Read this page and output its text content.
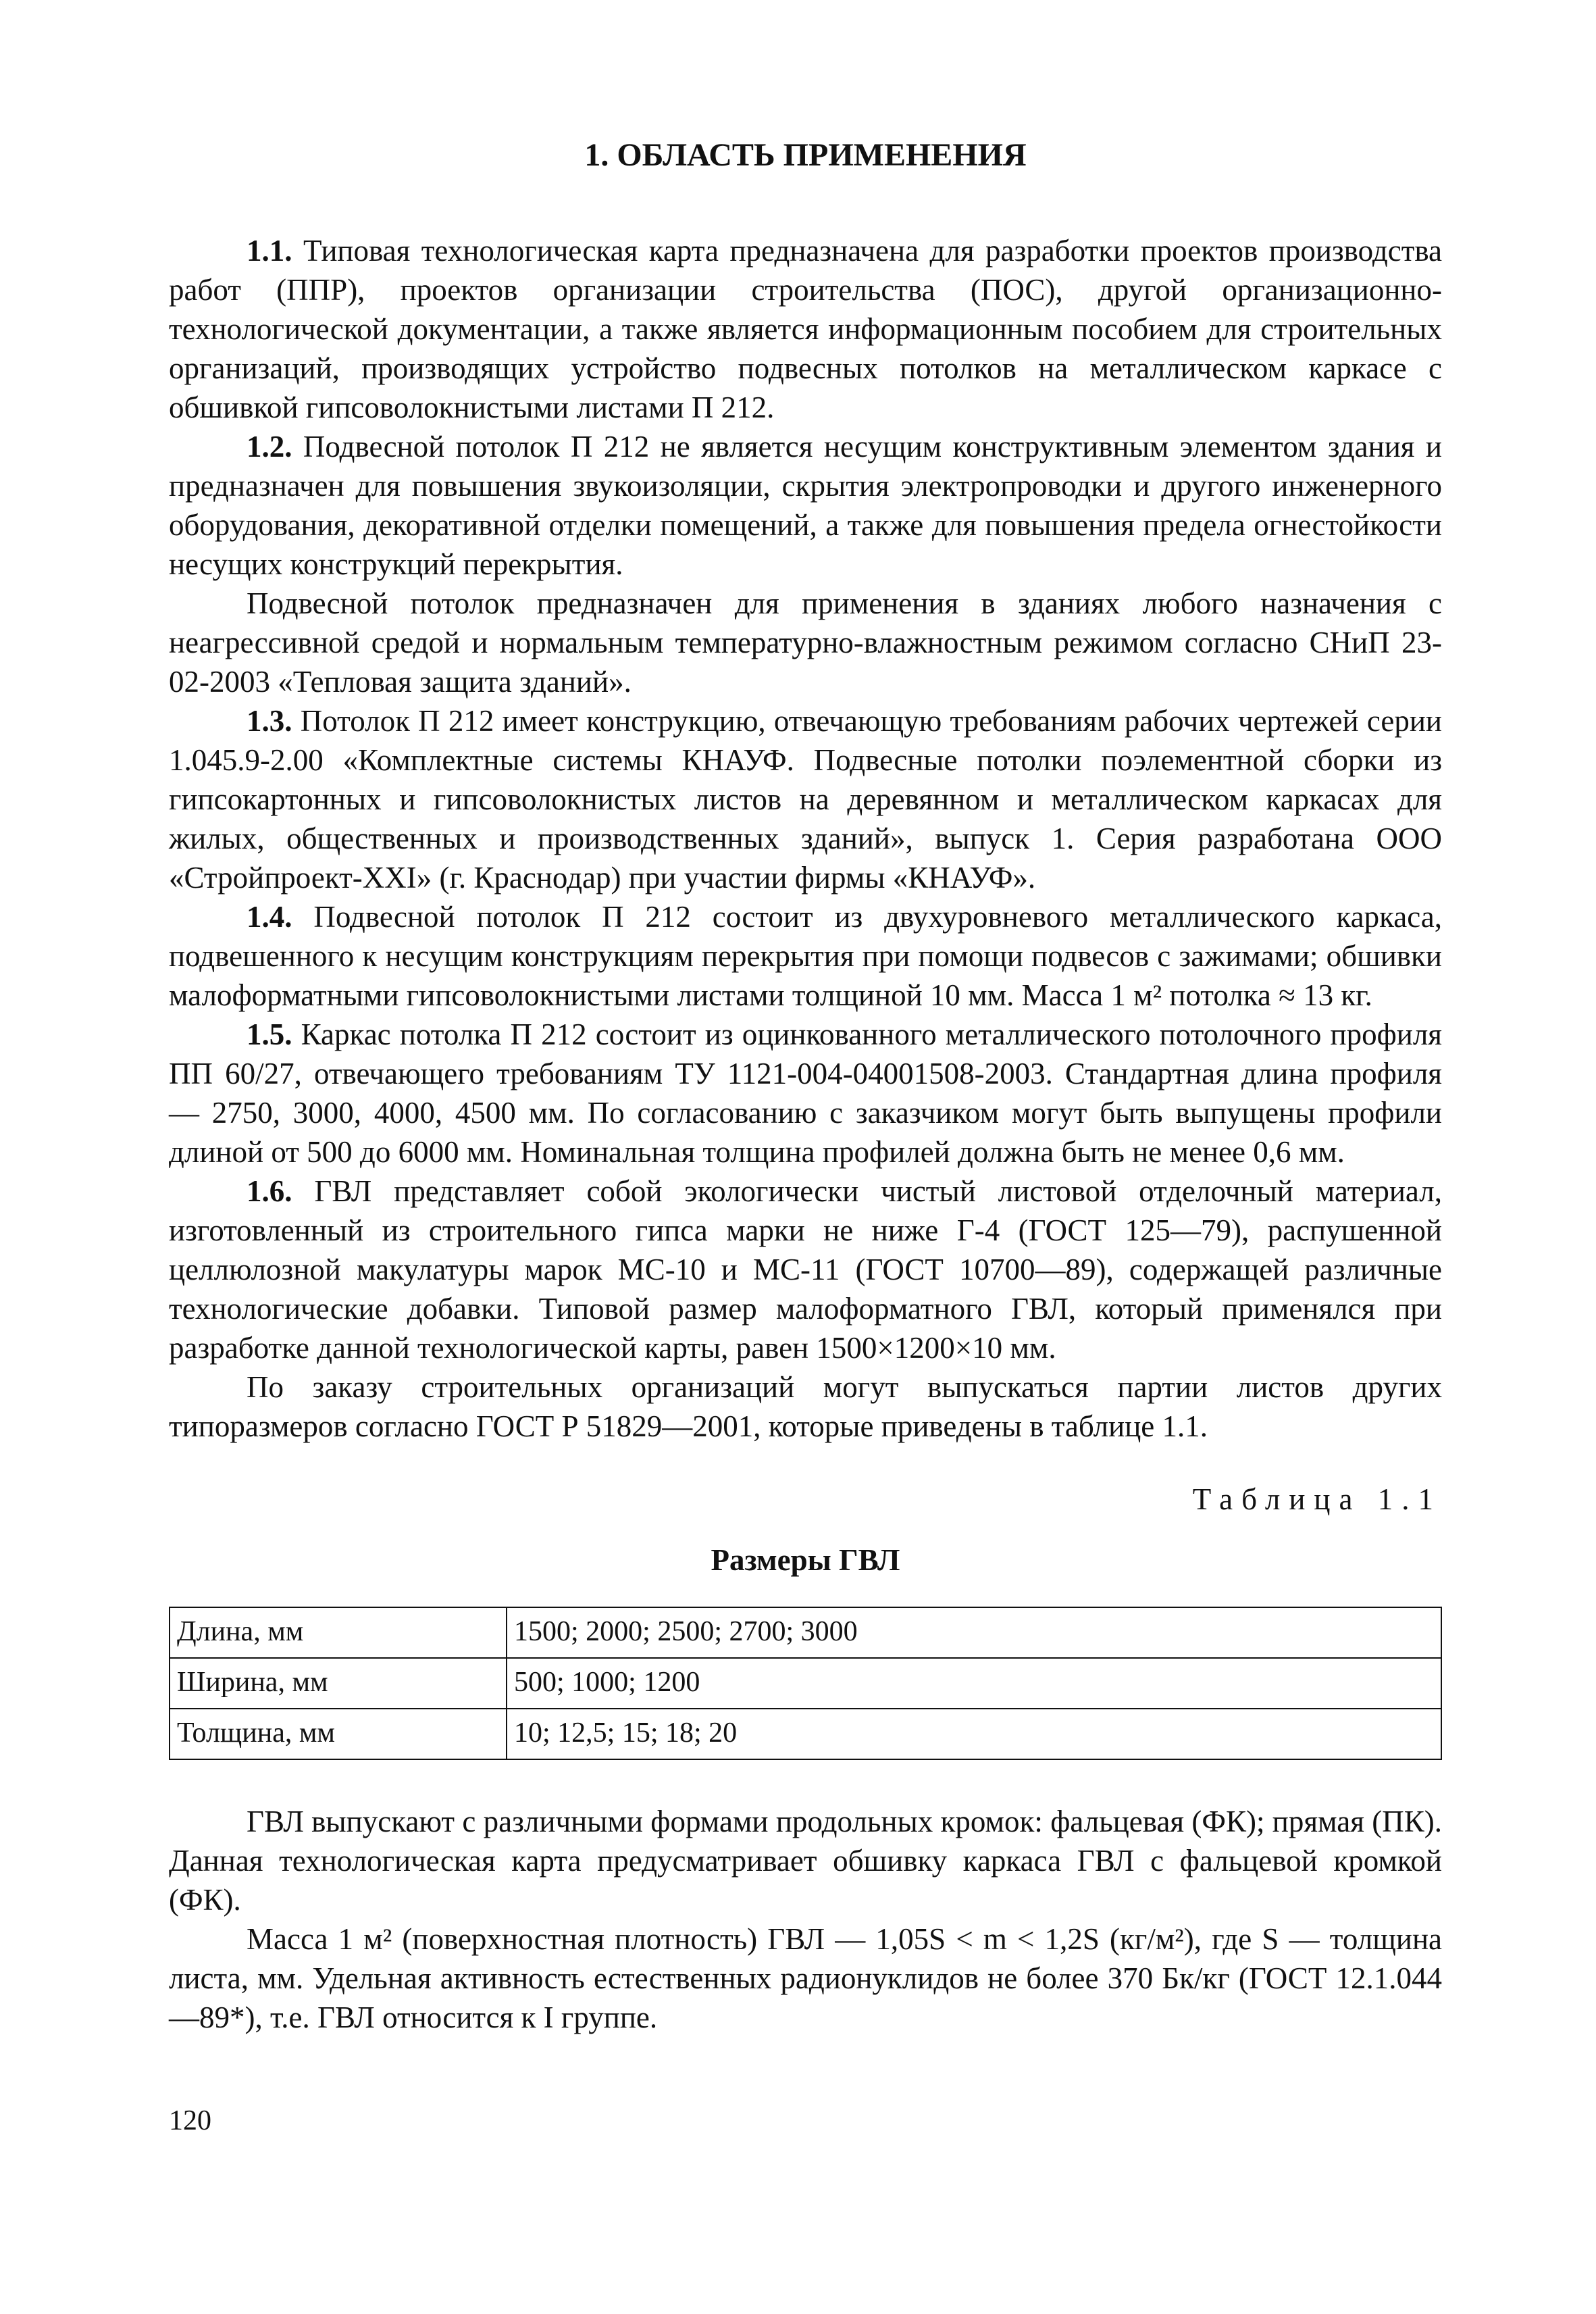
1. ОБЛАСТЬ ПРИМЕНЕНИЯ

1.1. Типовая технологическая карта предназначена для разработки проектов производства работ (ППР), проектов организации строительства (ПОС), другой организационно-технологической документации, а также является информационным пособием для строительных организаций, производящих устройство подвесных потолков на металлическом каркасе с обшивкой гипсоволокнистыми листами П 212.

1.2. Подвесной потолок П 212 не является несущим конструктивным элементом здания и предназначен для повышения звукоизоляции, скрытия электропроводки и другого инженерного оборудования, декоративной отделки помещений, а также для повышения предела огнестойкости несущих конструкций перекрытия.

Подвесной потолок предназначен для применения в зданиях любого назначения с неагрессивной средой и нормальным температурно-влажностным режимом согласно СНиП 23-02-2003 «Тепловая защита зданий».

1.3. Потолок П 212 имеет конструкцию, отвечающую требованиям рабочих чертежей серии 1.045.9-2.00 «Комплектные системы КНАУФ. Подвесные потолки поэлементной сборки из гипсокартонных и гипсоволокнистых листов на деревянном и металлическом каркасах для жилых, общественных и производственных зданий», выпуск 1. Серия разработана ООО «Стройпроект-XXI» (г. Краснодар) при участии фирмы «КНАУФ».

1.4. Подвесной потолок П 212 состоит из двухуровневого металлического каркаса, подвешенного к несущим конструкциям перекрытия при помощи подвесов с зажимами; обшивки малоформатными гипсоволокнистыми листами толщиной 10 мм. Масса 1 м² потолка ≈ 13 кг.

1.5. Каркас потолка П 212 состоит из оцинкованного металлического потолочного профиля ПП 60/27, отвечающего требованиям ТУ 1121-004-04001508-2003. Стандартная длина профиля — 2750, 3000, 4000, 4500 мм. По согласованию с заказчиком могут быть выпущены профили длиной от 500 до 6000 мм. Номинальная толщина профилей должна быть не менее 0,6 мм.

1.6. ГВЛ представляет собой экологически чистый листовой отделочный материал, изготовленный из строительного гипса марки не ниже Г-4 (ГОСТ 125—79), распушенной целлюлозной макулатуры марок МС-10 и МС-11 (ГОСТ 10700—89), содержащей различные технологические добавки. Типовой размер малоформатного ГВЛ, который применялся при разработке данной технологической карты, равен 1500×1200×10 мм.

По заказу строительных организаций могут выпускаться партии листов других типоразмеров согласно ГОСТ Р 51829—2001, которые приведены в таблице 1.1.

Таблица 1.1
Размеры ГВЛ
Длина, мм	1500; 2000; 2500; 2700; 3000
Ширина, мм	500; 1000; 1200
Толщина, мм	10; 12,5; 15; 18; 20

ГВЛ выпускают с различными формами продольных кромок: фальцевая (ФК); прямая (ПК). Данная технологическая карта предусматривает обшивку каркаса ГВЛ с фальцевой кромкой (ФК).

Масса 1 м² (поверхностная плотность) ГВЛ — 1,05S < m < 1,2S (кг/м²), где S — толщина листа, мм. Удельная активность естественных радионуклидов не более 370 Бк/кг (ГОСТ 12.1.044—89*), т.е. ГВЛ относится к I группе.

120
